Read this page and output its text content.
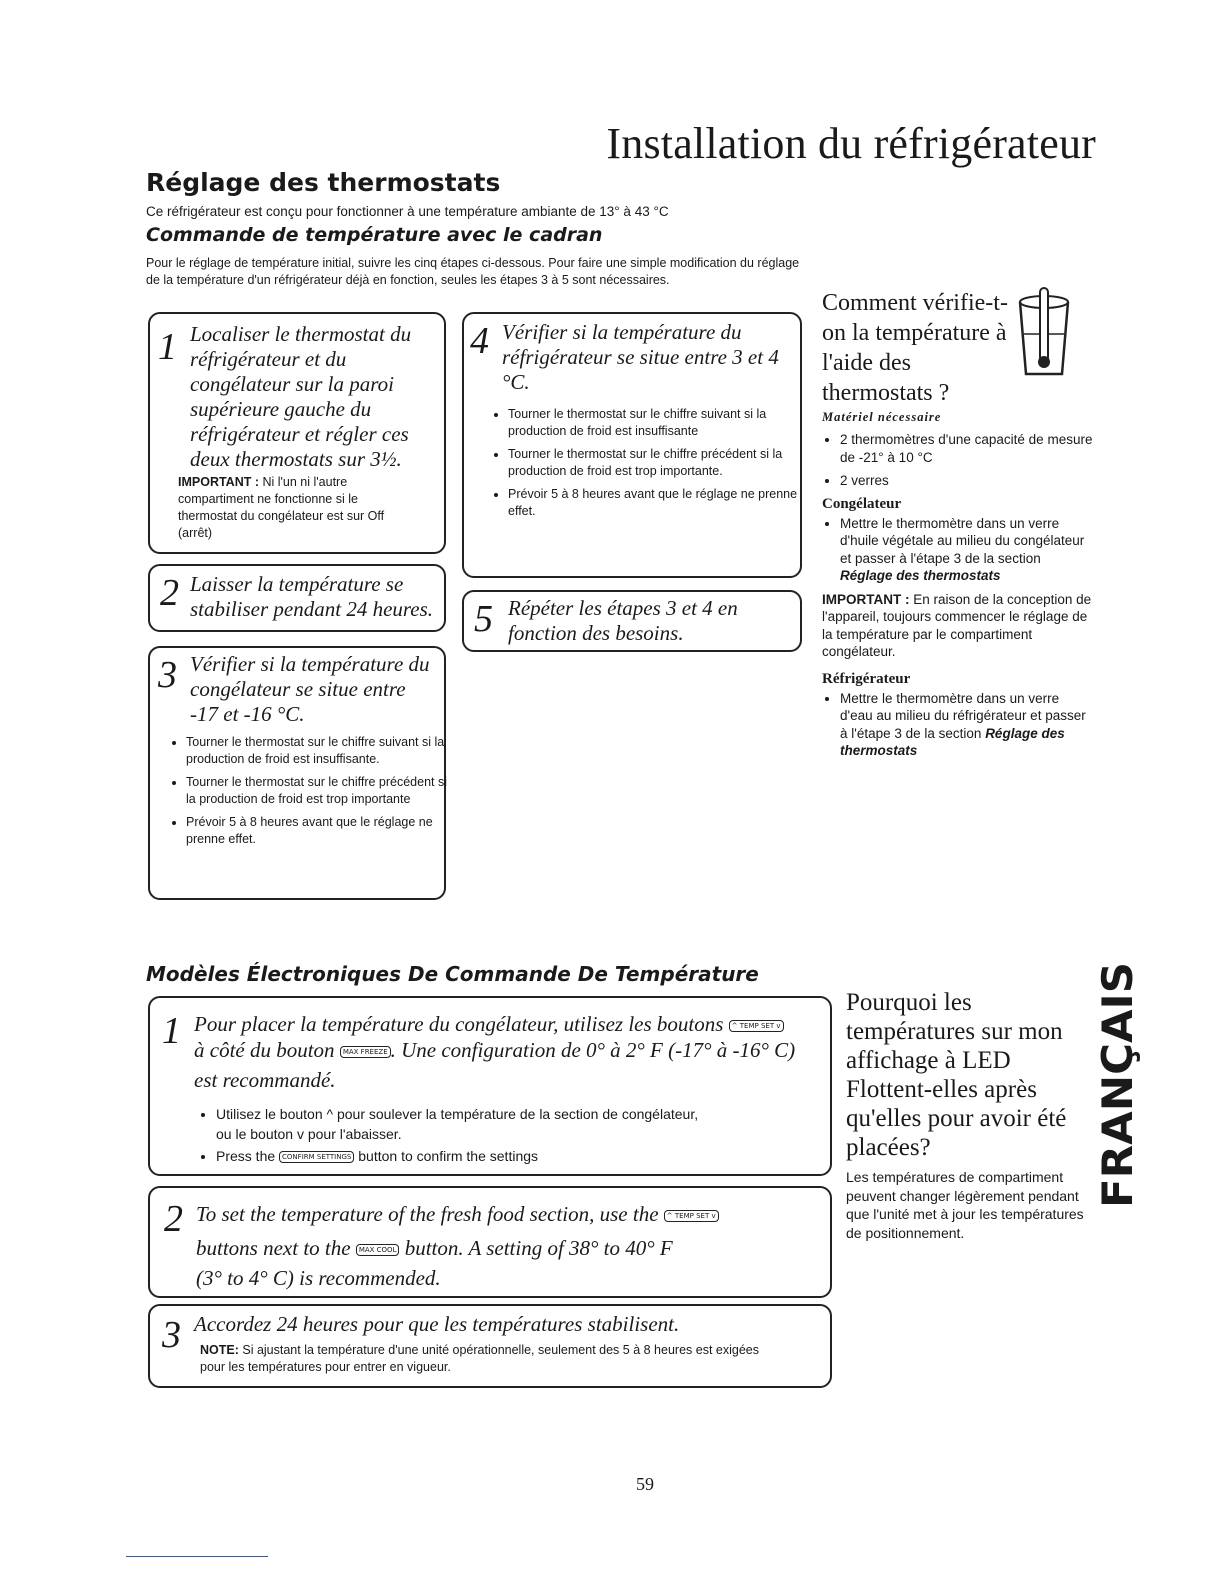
Installation du réfrigérateur
Réglage des thermostats
Ce réfrigérateur est conçu pour fonctionner à une température ambiante de 13° à 43 °C
Commande de température avec le cadran
Pour le réglage de température initial, suivre les cinq étapes ci-dessous. Pour faire une simple modification du réglage de la température d'un réfrigérateur déjà en fonction, seules les étapes 3 à 5 sont nécessaires.
1 Localiser le thermostat du réfrigérateur et du congélateur sur la paroi supérieure gauche du réfrigérateur et régler ces deux thermostats sur 3½.
IMPORTANT : Ni l'un ni l'autre compartiment ne fonctionne si le thermostat du congélateur est sur Off (arrêt)
2 Laisser la température se stabiliser pendant 24 heures.
3 Vérifier si la température du congélateur se situe entre -17 et -16 °C.
• Tourner le thermostat sur le chiffre suivant si la production de froid est insuffisante.
• Tourner le thermostat sur le chiffre précédent si la production de froid est trop importante
• Prévoir 5 à 8 heures avant que le réglage ne prenne effet.
4 Vérifier si la température du réfrigérateur se situe entre 3 et 4 °C.
• Tourner le thermostat sur le chiffre suivant si la production de froid est insuffisante
• Tourner le thermostat sur le chiffre précédent si la production de froid est trop importante.
• Prévoir 5 à 8 heures avant que le réglage ne prenne effet.
5 Répéter les étapes 3 et 4 en fonction des besoins.
Comment vérifie-t-on la température à l'aide des thermostats ?
Matériel nécessaire
• 2 thermomètres d'une capacité de mesure de -21° à 10 °C
• 2 verres
Congélateur
• Mettre le thermomètre dans un verre d'huile végétale au milieu du congélateur et passer à l'étape 3 de la section Réglage des thermostats
IMPORTANT : En raison de la conception de l'appareil, toujours commencer le réglage de la température par le compartiment congélateur.
Réfrigérateur
• Mettre le thermomètre dans un verre d'eau au milieu du réfrigérateur et passer à l'étape 3 de la section Réglage des thermostats
Modèles Électroniques De Commande De Température
1 Pour placer la température du congélateur, utilisez les boutons ^ TEMP SET v
à côté du bouton MAX FREEZE . Une configuration de 0° à 2° F (-17° à -16° C)
est recommandé.
• Utilisez le bouton ^ pour soulever la température de la section de congélateur,
ou le bouton v pour l'abaisser.
• Press the CONFIRM SETTINGS button to confirm the settings
2 To set the temperature of the fresh food section, use the ^ TEMP SET v
buttons next to the MAX COOL button. A setting of 38° to 40° F
(3° to 4° C) is recommended.
3 Accordez 24 heures pour que les températures stabilisent.
NOTE: Si ajustant la température d'une unité opérationnelle, seulement des 5 à 8 heures est exigées pour les températures pour entrer en vigueur.
Pourquoi les températures sur mon affichage à LED Flottent-elles après qu'elles pour avoir été placées?
Les températures de compartiment peuvent changer légèrement pendant que l'unité met à jour les températures de positionnement.
FRANÇAIS
59
